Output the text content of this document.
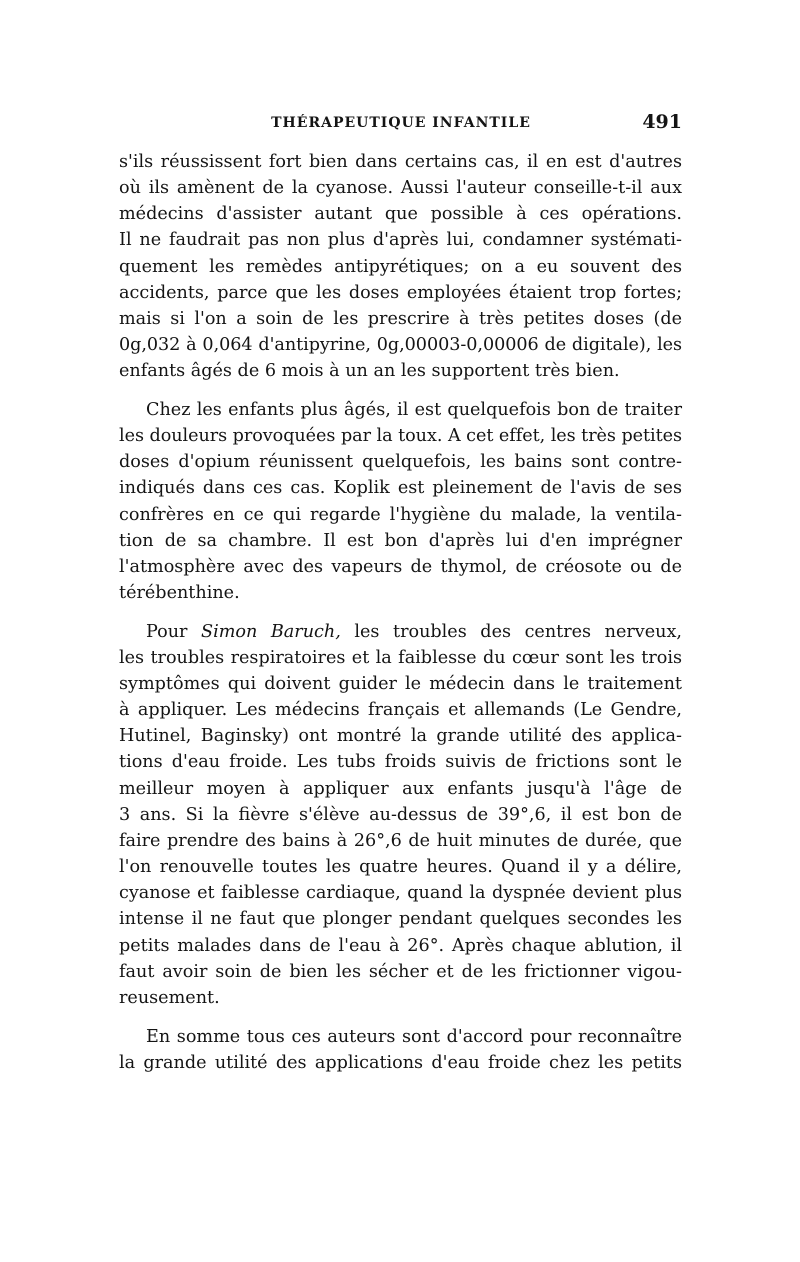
THÉRAPEUTIQUE INFANTILE	491
s'ils réussissent fort bien dans certains cas, il en est d'autres
où ils amènent de la cyanose. Aussi l'auteur conseille-t-il aux
médecins d'assister autant que possible à ces opérations.
Il ne faudrait pas non plus d'après lui, condamner systémati-
quement les remèdes antipyrétiques; on a eu souvent des
accidents, parce que les doses employées étaient trop fortes;
mais si l'on a soin de les prescrire à très petites doses (de
0g,032 à 0,064 d'antipyrine, 0g,00003-0,00006 de digitale), les
enfants âgés de 6 mois à un an les supportent très bien.
Chez les enfants plus âgés, il est quelquefois bon de traiter
les douleurs provoquées par la toux. A cet effet, les très petites
doses d'opium réunissent quelquefois, les bains sont contre-
indiqués dans ces cas. Koplik est pleinement de l'avis de ses
confrères en ce qui regarde l'hygiène du malade, la ventila-
tion de sa chambre. Il est bon d'après lui d'en imprégner
l'atmosphère avec des vapeurs de thymol, de créosote ou de
térébenthine.
Pour Simon Baruch, les troubles des centres nerveux,
les troubles respiratoires et la faiblesse du cœur sont les trois
symptômes qui doivent guider le médecin dans le traitement
à appliquer. Les médecins français et allemands (Le Gendre,
Hutinel, Baginsky) ont montré la grande utilité des applica-
tions d'eau froide. Les tubs froids suivis de frictions sont le
meilleur moyen à appliquer aux enfants jusqu'à l'âge de
3 ans. Si la fièvre s'élève au-dessus de 39°,6, il est bon de
faire prendre des bains à 26°,6 de huit minutes de durée, que
l'on renouvelle toutes les quatre heures. Quand il y a délire,
cyanose et faiblesse cardiaque, quand la dyspnée devient plus
intense il ne faut que plonger pendant quelques secondes les
petits malades dans de l'eau à 26°. Après chaque ablution, il
faut avoir soin de bien les sécher et de les frictionner vigou-
reusement.
En somme tous ces auteurs sont d'accord pour reconnaître
la grande utilité des applications d'eau froide chez les petits
